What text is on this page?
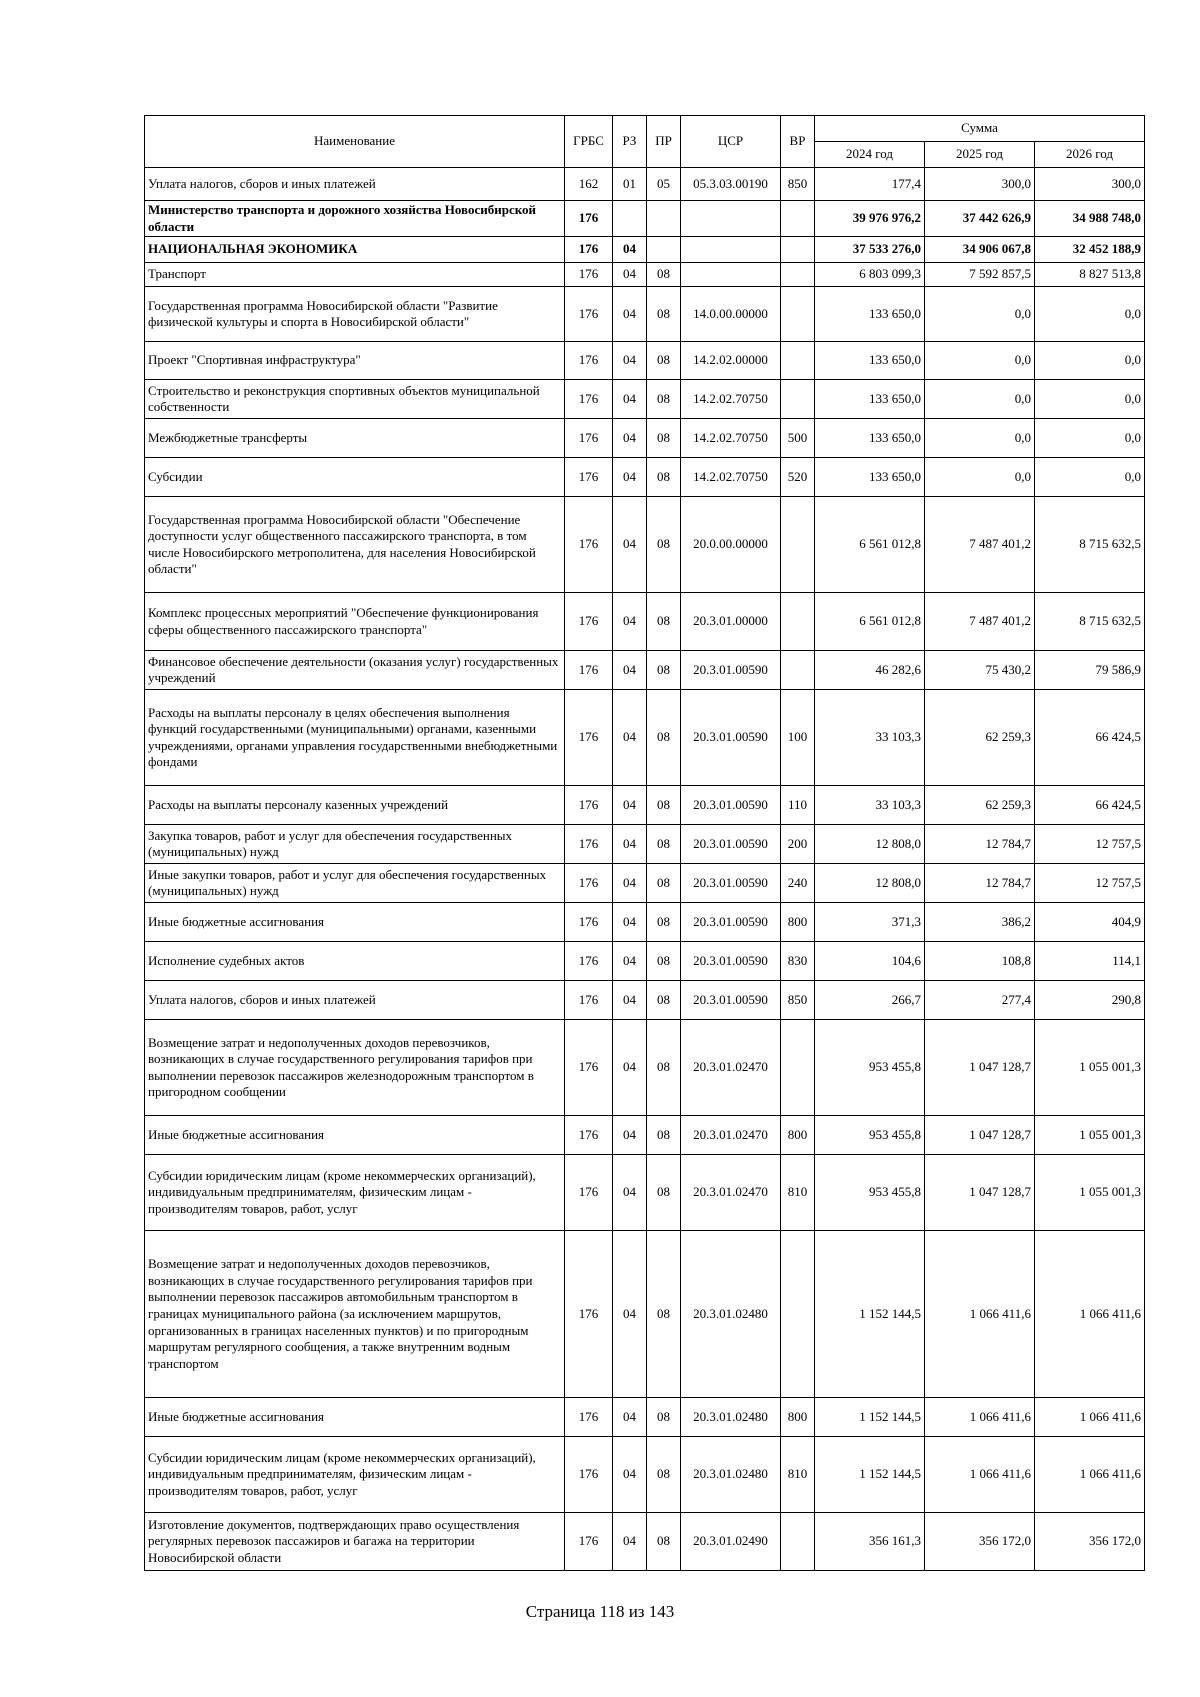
Наименование	ГРБС	РЗ	ПР	ЦСР	ВР	Сумма		
						2024 год	2025 год	2026 год
Уплата налогов, сборов и иных платежей	162	01	05	05.3.03.00190	850	177,4	300,0	300,0
Министерство транспорта и дорожного хозяйства Новосибирской области	176					39 976 976,2	37 442 626,9	34 988 748,0
НАЦИОНАЛЬНАЯ ЭКОНОМИКА	176	04				37 533 276,0	34 906 067,8	32 452 188,9
Транспорт	176	04	08			6 803 099,3	7 592 857,5	8 827 513,8
Государственная программа Новосибирской области "Развитие физической культуры и спорта в Новосибирской области"	176	04	08	14.0.00.00000		133 650,0	0,0	0,0
Проект "Спортивная инфраструктура"	176	04	08	14.2.02.00000		133 650,0	0,0	0,0
Строительство и реконструкция спортивных объектов муниципальной собственности	176	04	08	14.2.02.70750		133 650,0	0,0	0,0
Межбюджетные трансферты	176	04	08	14.2.02.70750	500	133 650,0	0,0	0,0
Субсидии	176	04	08	14.2.02.70750	520	133 650,0	0,0	0,0
Государственная программа Новосибирской области "Обеспечение доступности услуг общественного пассажирского транспорта, в том числе Новосибирского метрополитена, для населения Новосибирской области"	176	04	08	20.0.00.00000		6 561 012,8	7 487 401,2	8 715 632,5
Комплекс процессных мероприятий "Обеспечение функционирования сферы общественного пассажирского транспорта"	176	04	08	20.3.01.00000		6 561 012,8	7 487 401,2	8 715 632,5
Финансовое обеспечение деятельности (оказания услуг) государственных учреждений	176	04	08	20.3.01.00590		46 282,6	75 430,2	79 586,9
Расходы на выплаты персоналу в целях обеспечения выполнения функций государственными (муниципальными) органами, казенными учреждениями, органами управления государственными внебюджетными фондами	176	04	08	20.3.01.00590	100	33 103,3	62 259,3	66 424,5
Расходы на выплаты персоналу казенных учреждений	176	04	08	20.3.01.00590	110	33 103,3	62 259,3	66 424,5
Закупка товаров, работ и услуг для обеспечения государственных (муниципальных) нужд	176	04	08	20.3.01.00590	200	12 808,0	12 784,7	12 757,5
Иные закупки товаров, работ и услуг для обеспечения государственных (муниципальных) нужд	176	04	08	20.3.01.00590	240	12 808,0	12 784,7	12 757,5
Иные бюджетные ассигнования	176	04	08	20.3.01.00590	800	371,3	386,2	404,9
Исполнение судебных актов	176	04	08	20.3.01.00590	830	104,6	108,8	114,1
Уплата налогов, сборов и иных платежей	176	04	08	20.3.01.00590	850	266,7	277,4	290,8
Возмещение затрат и недополученных доходов перевозчиков, возникающих в случае государственного регулирования тарифов при выполнении перевозок пассажиров железнодорожным транспортом в пригородном сообщении	176	04	08	20.3.01.02470		953 455,8	1 047 128,7	1 055 001,3
Иные бюджетные ассигнования	176	04	08	20.3.01.02470	800	953 455,8	1 047 128,7	1 055 001,3
Субсидии юридическим лицам (кроме некоммерческих организаций), индивидуальным предпринимателям, физическим лицам - производителям товаров, работ, услуг	176	04	08	20.3.01.02470	810	953 455,8	1 047 128,7	1 055 001,3
Возмещение затрат и недополученных доходов перевозчиков, возникающих в случае государственного регулирования тарифов при выполнении перевозок пассажиров автомобильным транспортом в границах муниципального района (за исключением маршрутов, организованных в границах населенных пунктов) и по пригородным маршрутам регулярного сообщения, а также внутренним водным транспортом	176	04	08	20.3.01.02480		1 152 144,5	1 066 411,6	1 066 411,6
Иные бюджетные ассигнования	176	04	08	20.3.01.02480	800	1 152 144,5	1 066 411,6	1 066 411,6
Субсидии юридическим лицам (кроме некоммерческих организаций), индивидуальным предпринимателям, физическим лицам - производителям товаров, работ, услуг	176	04	08	20.3.01.02480	810	1 152 144,5	1 066 411,6	1 066 411,6
Изготовление документов, подтверждающих право осуществления регулярных перевозок пассажиров и багажа на территории Новосибирской области	176	04	08	20.3.01.02490		356 161,3	356 172,0	356 172,0
Страница 118 из 143
